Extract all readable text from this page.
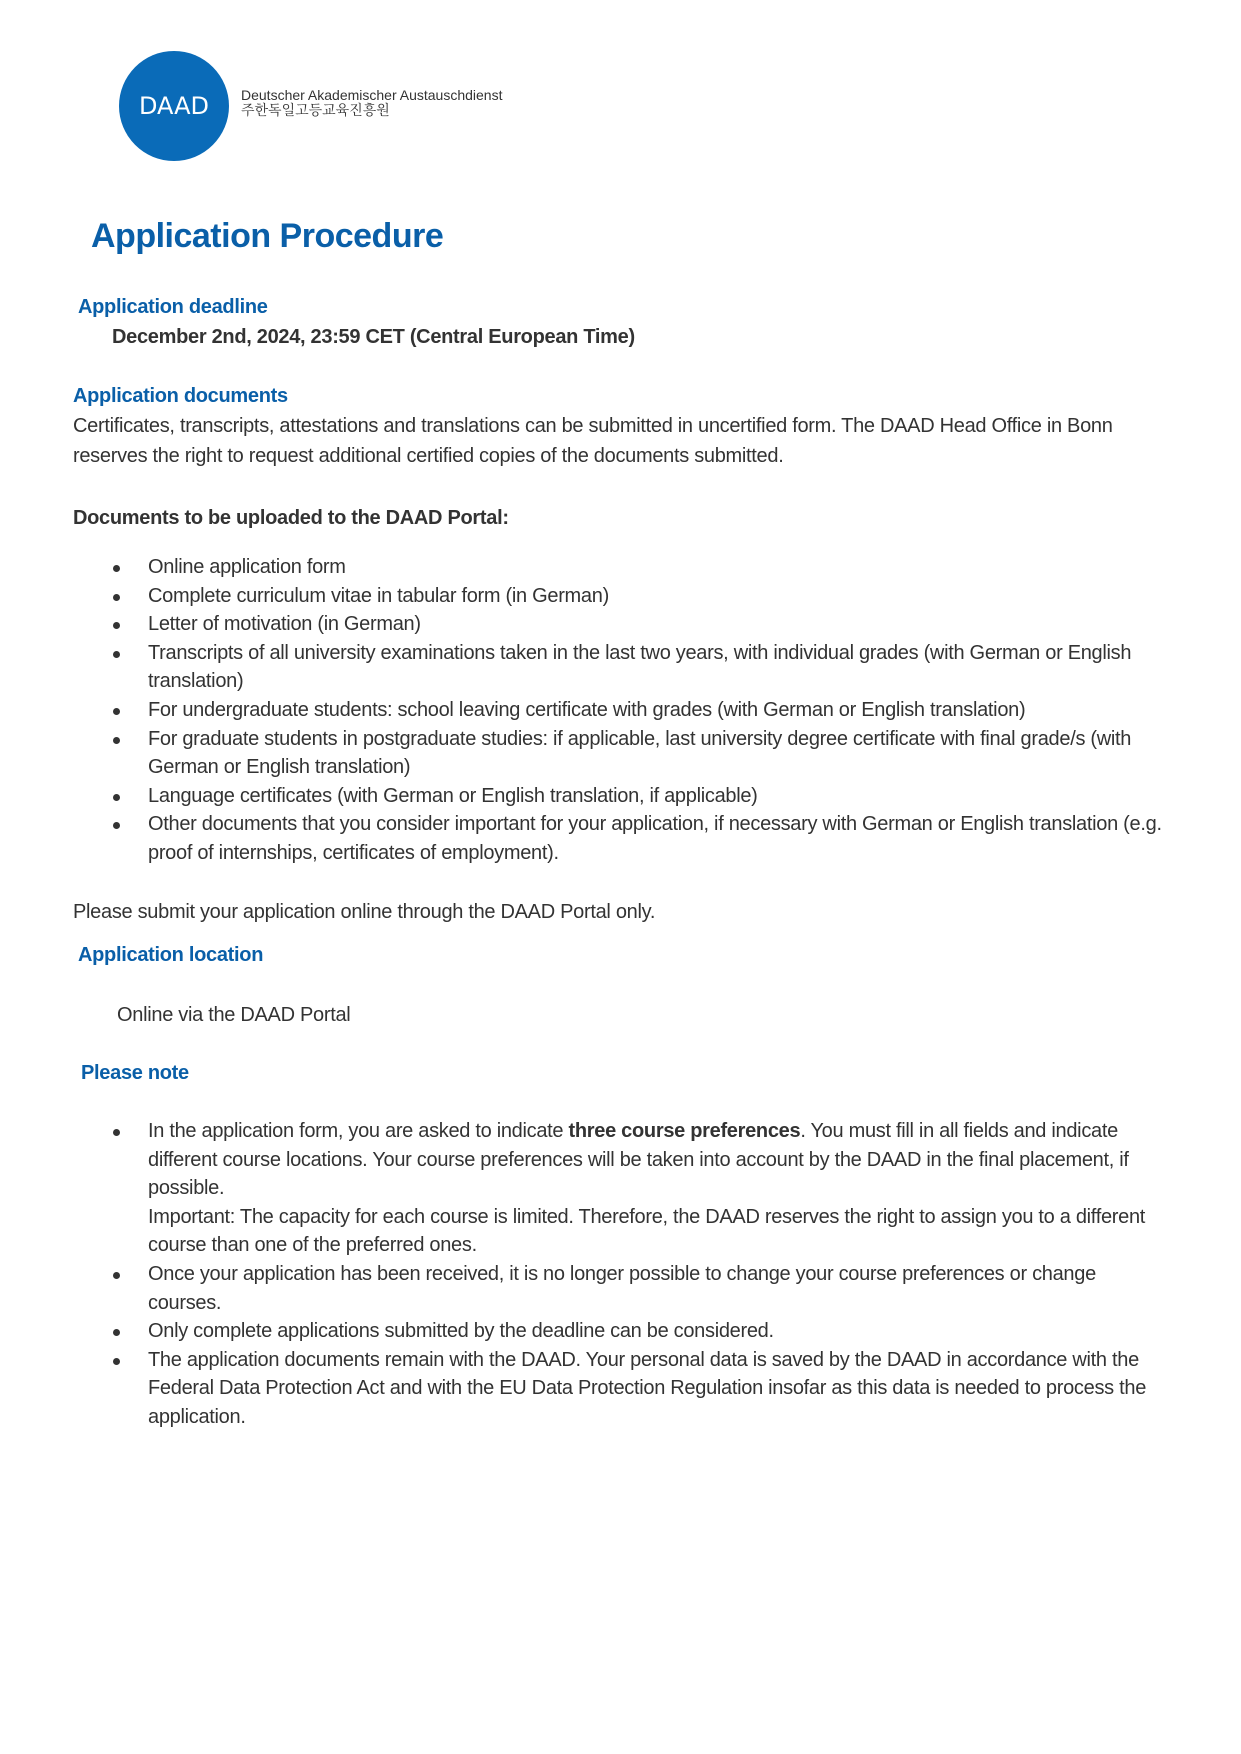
DAAD Deutscher Akademischer Austauschdienst
주한독일고등교육진흥원
Application Procedure
Application deadline

December 2nd, 2024, 23:59 CET (Central European Time)

Application documents

Certificates, transcripts, attestations and translations can be submitted in uncertified form. The DAAD Head Office in Bonn reserves the right to request additional certified copies of the documents submitted.

Documents to be uploaded to the DAAD Portal:

Online application form
Complete curriculum vitae in tabular form (in German)
Letter of motivation (in German)
Transcripts of all university examinations taken in the last two years, with individual grades (with German or English translation)
For undergraduate students: school leaving certificate with grades (with German or English translation)
For graduate students in postgraduate studies: if applicable, last university degree certificate with final grade/s (with German or English translation)
Language certificates (with German or English translation, if applicable)
Other documents that you consider important for your application, if necessary with German or English translation (e.g. proof of internships, certificates of employment).

Please submit your application online through the DAAD Portal only.

Application location

Online via the DAAD Portal

Please note
In the application form, you are asked to indicate three course preferences. You must fill in all fields and indicate different course locations. Your course preferences will be taken into account by the DAAD in the final placement, if possible.
Important: The capacity for each course is limited. Therefore, the DAAD reserves the right to assign you to a different course than one of the preferred ones.
Once your application has been received, it is no longer possible to change your course preferences or change courses.
Only complete applications submitted by the deadline can be considered.
The application documents remain with the DAAD. Your personal data is saved by the DAAD in accordance with the Federal Data Protection Act and with the EU Data Protection Regulation insofar as this data is needed to process the application.
